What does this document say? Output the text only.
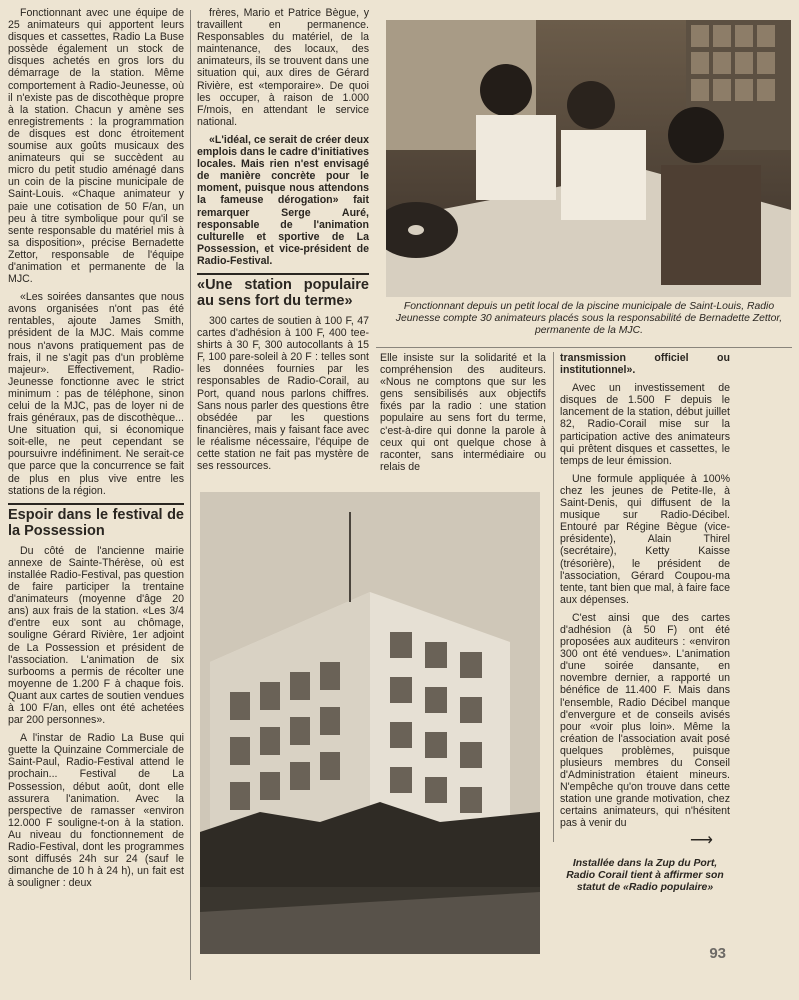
Fonctionnant avec une équipe de 25 animateurs qui apportent leurs disques et cassettes, Radio La Buse possède également un stock de disques achetés en gros lors du démarrage de la station. Même comportement à Radio-Jeunesse, où il n'existe pas de discothèque propre à la station. Chacun y amène ses enregistrements : la programmation de disques est donc étroitement soumise aux goûts musicaux des animateurs qui se succèdent au micro du petit studio aménagé dans un coin de la piscine municipale de Saint-Louis. «Chaque animateur y paie une cotisation de 50 F/an, un peu à titre symbolique pour qu'il se sente responsable du matériel mis à sa disposition», précise Bernadette Zettor, responsable de l'équipe d'animation et permanente de la MJC.

«Les soirées dansantes que nous avons organisées n'ont pas été rentables, ajoute James Smith, président de la MJC. Mais comme nous n'avons pratiquement pas de frais, il ne s'agit pas d'un problème majeur». Effectivement, Radio-Jeunesse fonctionne avec le strict minimum : pas de téléphone, sinon celui de la MJC, pas de loyer ni de frais généraux, pas de discothèque... Une situation qui, si économique soit-elle, ne peut cependant se poursuivre indéfiniment. Ne serait-ce que parce que la concurrence se fait de plus en plus vive entre les stations de la région.

Espoir dans le festival de la Possession

Du côté de l'ancienne mairie annexe de Sainte-Thérèse, où est installée Radio-Festival, pas question de faire participer la trentaine d'animateurs (moyenne d'âge 20 ans) aux frais de la station. «Les 3/4 d'entre eux sont au chômage, souligne Gérard Rivière, 1er adjoint de La Possession et président de l'association. L'animation de six surbooms a permis de récolter une moyenne de 1.200 F à chaque fois. Quant aux cartes de soutien vendues à 100 F/an, elles ont été achetées par 200 personnes».

A l'instar de Radio La Buse qui guette la Quinzaine Commerciale de Saint-Paul, Radio-Festival attend le prochain... Festival de La Possession, début août, dont elle assurera l'animation. Avec la perspective de ramasser «environ 12.000 F souligne-t-on à la station. Au niveau du fonctionnement de Radio-Festival, dont les programmes sont diffusés 24h sur 24 (sauf le dimanche de 10 h à 24 h), un fait est à souligner : deux

frères, Mario et Patrice Bègue, y travaillent en permanence. Responsables du matériel, de la maintenance, des locaux, des animateurs, ils se trouvent dans une situation qui, aux dires de Gérard Rivière, est «temporaire». De quoi les occuper, à raison de 1.000 F/mois, en attendant le service national.

«L'idéal, ce serait de créer deux emplois dans le cadre d'initiatives locales. Mais rien n'est envisagé de manière concrète pour le moment, puisque nous attendons la fameuse dérogation» fait remarquer Serge Auré, responsable de l'animation culturelle et sportive de La Possession, et vice-président de Radio-Festival.

«Une station populaire au sens fort du terme»

300 cartes de soutien à 100 F, 47 cartes d'adhésion à 100 F, 400 tee-shirts à 30 F, 300 autocollants à 15 F, 100 pare-soleil à 20 F : telles sont les données fournies par les responsables de Radio-Corail, au Port, quand nous parlons chiffres. Sans nous parler des questions être obsédée par les questions financières, mais y faisant face avec le réalisme nécessaire, l'équipe de cette station ne fait pas mystère de ses ressources.

Fonctionnant depuis un petit local de la piscine municipale de Saint-Louis, Radio Jeunesse compte 30 animateurs placés sous la responsabilité de Bernadette Zettor, permanente de la MJC.

Elle insiste sur la solidarité et la compréhension des auditeurs. «Nous ne comptons que sur les gens sensibilisés aux objectifs fixés par la radio : une station populaire au sens fort du terme, c'est-à-dire qui donne la parole à ceux qui ont quelque chose à raconter, sans intermédiaire ou relais de

transmission officiel ou institutionnel».

Avec un investissement de disques de 1.500 F depuis le lancement de la station, début juillet 82, Radio-Corail mise sur la participation active des animateurs qui prêtent disques et cassettes, le temps de leur émission.

Une formule appliquée à 100% chez les jeunes de Petite-Ile, à Saint-Denis, qui diffusent de la musique sur Radio-Décibel. Entouré par Régine Bègue (vice-présidente), Alain Thirel (secrétaire), Ketty Kaisse (trésorière), le président de l'association, Gérard Coupou-ma tente, tant bien que mal, à faire face aux dépenses.

C'est ainsi que des cartes d'adhésion (à 50 F) ont été proposées aux auditeurs : «environ 300 ont été vendues». L'animation d'une soirée dansante, en novembre dernier, a rapporté un bénéfice de 11.400 F. Mais dans l'ensemble, Radio Décibel manque d'envergure et de conseils avisés pour «voir plus loin». Même la création de l'association avait posé quelques problèmes, puisque plusieurs membres du Conseil d'Administration étaient mineurs. N'empêche qu'on trouve dans cette station une grande motivation, chez certains animateurs, qui n'hésitent pas à venir du

⟶
Installée dans la Zup du Port, Radio Corail tient à affirmer son statut de «Radio populaire»
93
